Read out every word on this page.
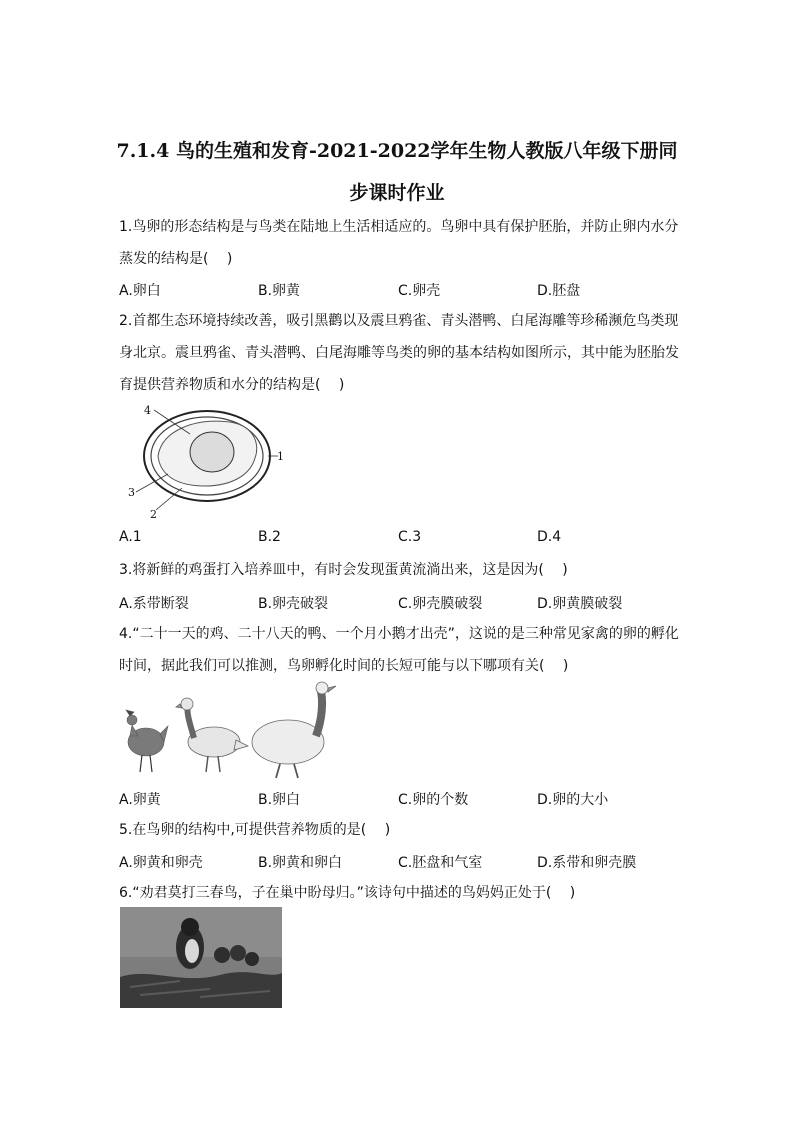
7.1.4 鸟的生殖和发育-2021-2022学年生物人教版八年级下册同
步课时作业
1.鸟卵的形态结构是与鸟类在陆地上生活相适应的。鸟卵中具有保护胚胎，并防止卵内水分蒸发的结构是(　 )
A.卵白	B.卵黄	C.卵壳	D.胚盘
2.首都生态环境持续改善，吸引黑鹳以及震旦鸦雀、青头潜鸭、白尾海雕等珍稀濒危鸟类现身北京。震旦鸦雀、青头潜鸭、白尾海雕等鸟类的卵的基本结构如图所示，其中能为胚胎发育提供营养物质和水分的结构是(　 )
4
1
3
2
A.1	B.2	C.3	D.4
3.将新鲜的鸡蛋打入培养皿中，有时会发现蛋黄流淌出来，这是因为(　 )
A.系带断裂	B.卵壳破裂	C.卵壳膜破裂	D.卵黄膜破裂
4.“二十一天的鸡、二十八天的鸭、一个月小鹅才出壳”，这说的是三种常见家禽的卵的孵化时间，据此我们可以推测，鸟卵孵化时间的长短可能与以下哪项有关(　 )
A.卵黄	B.卵白	C.卵的个数	D.卵的大小
5.在鸟卵的结构中,可提供营养物质的是(　 )
A.卵黄和卵壳	B.卵黄和卵白	C.胚盘和气室	D.系带和卵壳膜
6.“劝君莫打三春鸟，子在巢中盼母归。”该诗句中描述的鸟妈妈正处于(　 )
